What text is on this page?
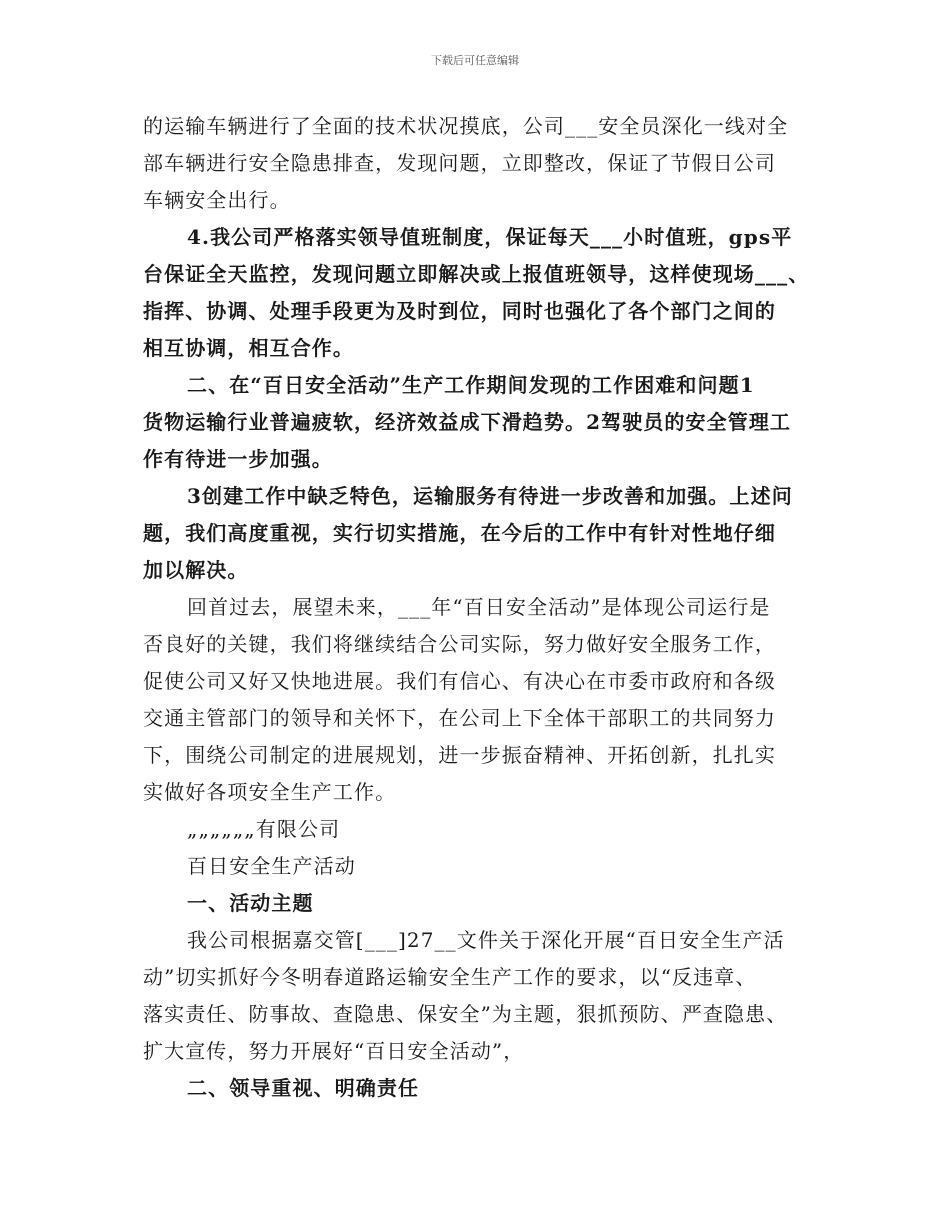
下载后可任意编辑
的运输车辆进行了全面的技术状况摸底，公司___安全员深化一线对全
部车辆进行安全隐患排查，发现问题，立即整改，保证了节假日公司
车辆安全出行。
4.我公司严格落实领导值班制度，保证每天___小时值班，gps平
台保证全天监控，发现问题立即解决或上报值班领导，这样使现场___、
指挥、协调、处理手段更为及时到位，同时也强化了各个部门之间的
相互协调，相互合作。
二、在“百日安全活动”生产工作期间发现的工作困难和问题1
货物运输行业普遍疲软，经济效益成下滑趋势。2驾驶员的安全管理工
作有待进一步加强。
3创建工作中缺乏特色，运输服务有待进一步改善和加强。上述问
题，我们高度重视，实行切实措施，在今后的工作中有针对性地仔细
加以解决。
回首过去，展望未来，___年“百日安全活动”是体现公司运行是
否良好的关键，我们将继续结合公司实际，努力做好安全服务工作，
促使公司又好又快地进展。我们有信心、有决心在市委市政府和各级
交通主管部门的领导和关怀下，在公司上下全体干部职工的共同努力
下，围绕公司制定的进展规划，进一步振奋精神、开拓创新，扎扎实
实做好各项安全生产工作。
„„„„„„有限公司
百日安全生产活动
一、活动主题
我公司根据嘉交管[___]27__文件关于深化开展“百日安全生产活
动”切实抓好今冬明春道路运输安全生产工作的要求，以“反违章、
落实责任、防事故、查隐患、保安全”为主题，狠抓预防、严查隐患、
扩大宣传，努力开展好“百日安全活动”，
二、领导重视、明确责任
